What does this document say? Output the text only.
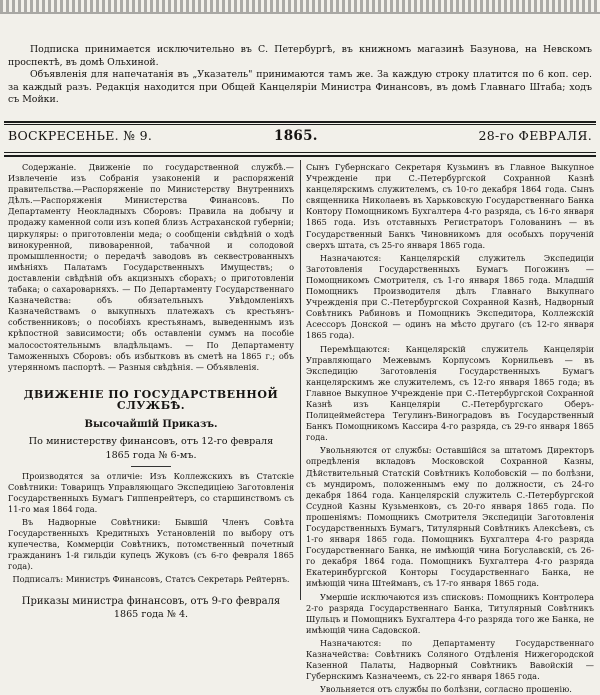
Подписка принимается исключительно въ С. Петербургѣ, въ книжномъ магазинѣ Базунова, на Невскомъ проспектѣ, въ домѣ Ольхиной.

Объявленія для напечатанія въ „Указатель" принимаются тамъ же. За каждую строку платится по 6 коп. сер. за каждый разъ. Редакція находится при Общей Канцеляріи Министра Финансовъ, въ домѣ Главнаго Штаба; ходъ съ Мойки.

ВОСКРЕСЕНЬЕ. № 9.	1865.	28-го ФЕВРАЛЯ.

Содержаніе. Движеніе по государственной службѣ.—Извлеченіе изъ Собранія узаконеній и распоряженій правительства.—Распоряженіе по Министерству Внутреннихъ Дѣлъ.—Распоряженія Министерства Финансовъ. По Департаменту Неокладныхъ Сборовъ: Правила на добычу и продажу каменной соли изъ копей близъ Астраханской губерніи; циркуляры: о приготовленіи меда; о сообщеніи свѣдѣній о ходѣ винокуренной, пивоваренной, табачной и солодовой промышленности; о передачѣ заводовъ въ секвестрованныхъ имѣніяхъ Палатамъ Государственныхъ Имуществъ; о доставленіи свѣдѣній объ акцизныхъ сборахъ; о приготовленіи табака; о сахароварняхъ. — По Департаменту Государственнаго Казначейства: объ обязательныхъ Увѣдомленіяхъ Казначействамъ о выкупныхъ платежахъ съ крестьянъ-собственниковъ; о пособіяхъ крестьянамъ, выведеннымъ изъ крѣпостной зависимости; объ оставленіи суммъ на пособіе малосостоятельнымъ владѣльцамъ. — По Департаменту Таможенныхъ Сборовъ: объ избытковъ въ сметѣ на 1865 г.; объ утерянномъ паспортѣ. — Разныя свѣдѣнія. — Объявленія.

ДВИЖЕНІЕ ПО ГОСУДАРСТВЕННОЙ СЛУЖБѢ.
Высочайшій Приказъ.

По министерству финансовъ, отъ 12-го февраля

1865 года № 6-мъ.

Производятся за отличіе: Изъ Коллежскихъ въ Статскіе Совѣтники: Товарищъ Управляющаго Экспедиціею Заготовленія Государственныхъ Бумагъ Гиппенрейтеръ, со старшинствомъ съ 11-го мая 1864 года.

Въ Надворные Совѣтники: Бывшій Членъ Совѣта Государственныхъ Кредитныхъ Установленій по выбору отъ купечества, Коммерціи Совѣтникъ, потомственный почетный гражданинъ 1-й гильдіи купецъ Жуковъ (съ 6-го февраля 1865 года).

Подписалъ: Министръ Финансовъ, Статсъ Секретарь Рейтернъ.

Приказы министра финансовъ, отъ 9-го февраля

1865 года № 4.

Сынъ Губернскаго Секретаря Кузьминъ въ Главное Выкупное Учрежденіе при С.-Петербургской Сохранной Казнѣ канцелярскимъ служителемъ, съ 10-го декабря 1864 года. Сынъ священника Николаевъ въ Харьковскую Государственнаго Банка Контору Помощникомъ Бухгалтера 4-го разряда, съ 16-го января 1865 года. Изъ отставныхъ Регистраторъ Голованинъ — въ Государственный Банкъ Чиновникомъ для особыхъ порученій сверхъ штата, съ 25-го января 1865 года.

Назначаются: Канцелярскій служитель Экспедиціи Заготовленія Государственныхъ Бумагъ Погожинъ — Помощникомъ Смотрителя, съ 1-го января 1865 года. Младшій Помощникъ Производителя дѣлъ Главнаго Выкупнаго Учрежденія при С.-Петербургской Сохранной Казнѣ, Надворный Совѣтникъ Рабиновъ и Помощникъ Экспедитора, Коллежскій Асессоръ Донской — одинъ на мѣсто другаго (съ 12-го января 1865 года).

Перемѣщаются: Канцелярскій служитель Канцеляріи Управляющаго Межевымъ Корпусомъ Корнильевъ — въ Экспедицію Заготовленія Государственныхъ Бумагъ канцелярскимъ же служителемъ, съ 12-го января 1865 года; въ Главное Выкупное Учрежденіе при С.-Петербургской Сохранной Казнѣ изъ Канцеляріи С.-Петербургскаго Оберъ-Полицеймейстера Тегулинъ-Виноградовъ въ Государственный Банкъ Помощникомъ Кассира 4-го разряда, съ 29-го января 1865 года.

Увольняются от службы: Оставшійся за штатомъ Директоръ опредѣленія вкладовъ Московской Сохранной Казны, Дѣйствительный Статскій Совѣтникъ Колобовскій — по болѣзни, съ мундиромъ, положеннымъ ему по должности, съ 24-го декабря 1864 года. Канцелярскій служитель С.-Петербургской Ссудной Казны Кузьменковъ, съ 20-го января 1865 года. По прошеніямъ: Помощникъ Смотрителя Экспедиціи Заготовленія Государственныхъ Бумагъ, Титулярный Совѣтникъ Алексѣевъ, съ 1-го января 1865 года. Помощникъ Бухгалтера 4-го разряда Государственнаго Банка, не имѣющій чина Богуславскій, съ 26-го декабря 1864 года. Помощникъ Бухгалтера 4-го разряда Екатеринбургской Конторы Государственнаго Банка, не имѣющій чина Штейманъ, съ 17-го января 1865 года.

Умершіе исключаются изъ списковъ: Помощникъ Контролера 2-го разряда Государственнаго Банка, Титулярный Совѣтникъ Шульцъ и Помощникъ Бухгалтера 4-го разряда того же Банка, не имѣющій чина Садовской.

Назначаются: по Департаменту Государственнаго Казначейства: Совѣтникъ Соляного Отдѣленія Нижегородской Казенной Палаты, Надворный Совѣтникъ Вавойскій — Губернскимъ Казначеемъ, съ 22-го января 1865 года.

Увольняется отъ службы по болѣзни, согласно прошенію.
